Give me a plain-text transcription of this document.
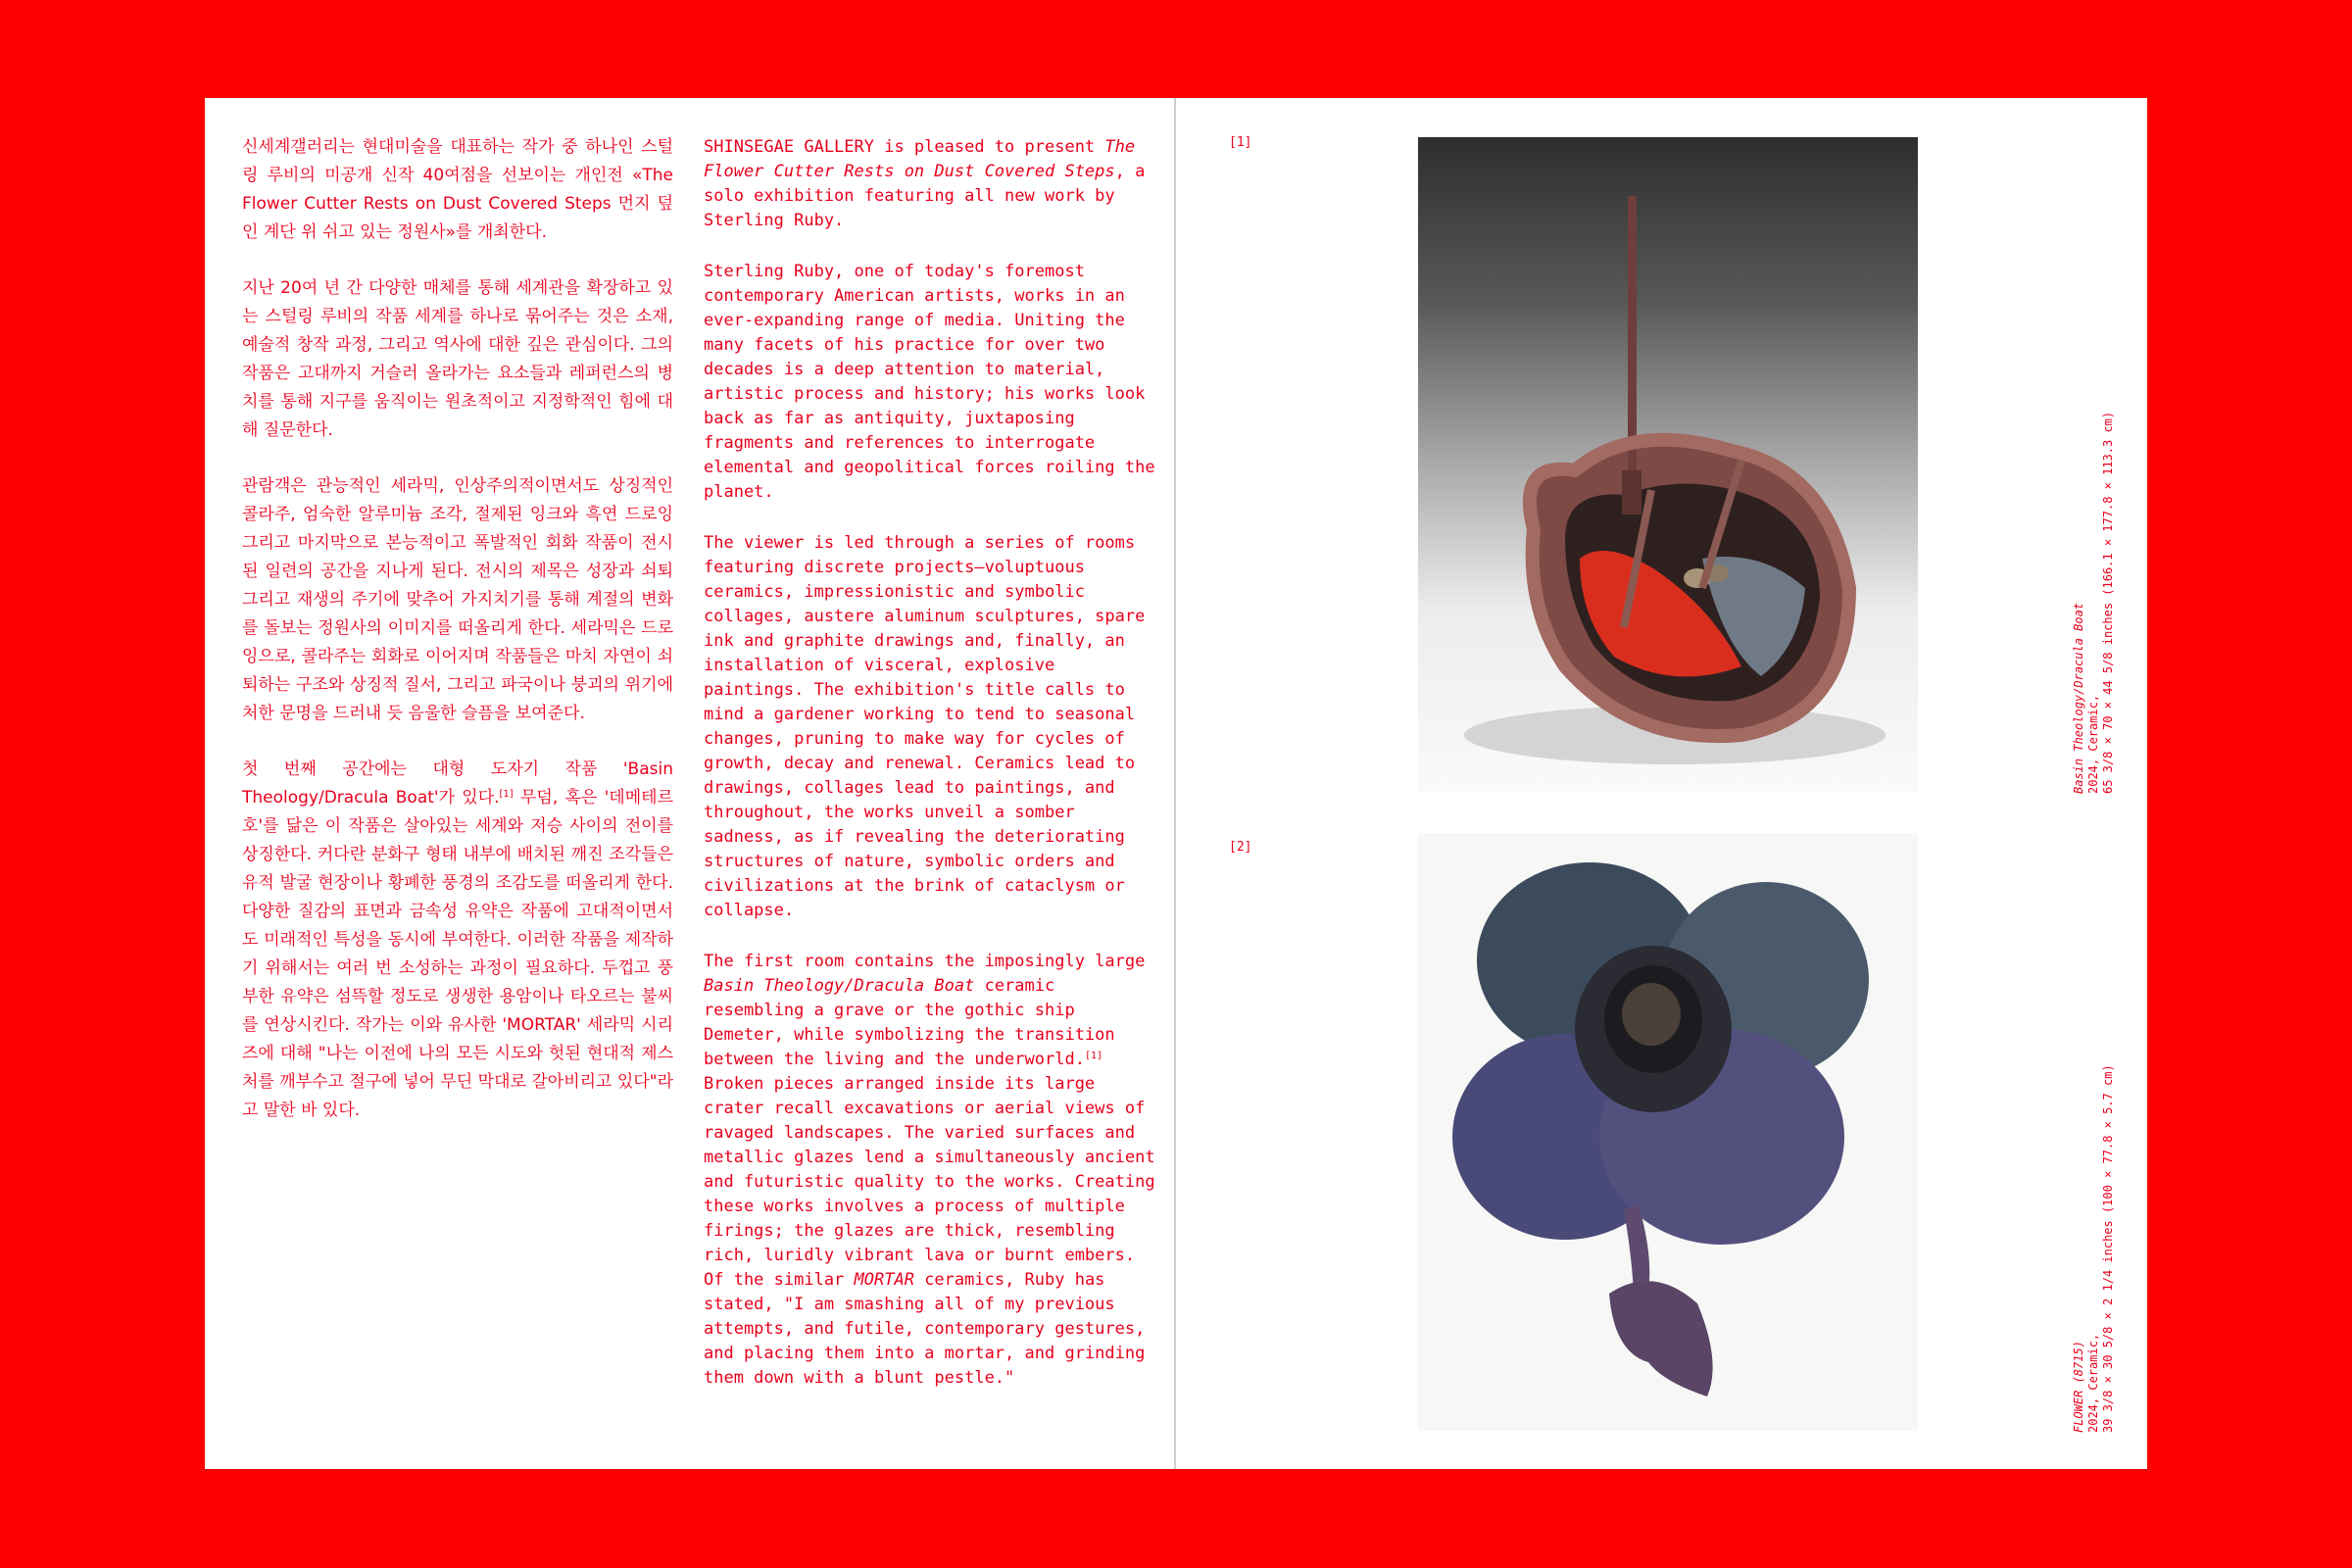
신세계갤러리는 현대미술을 대표하는 작가 중 하나인 스털링 루비의 미공개 신작 40여점을 선보이는 개인전 «The Flower Cutter Rests on Dust Covered Steps 먼지 덮인 계단 위 쉬고 있는 정원사»를 개최한다.

지난 20여 년 간 다양한 매체를 통해 세계관을 확장하고 있는 스털링 루비의 작품 세계를 하나로 묶어주는 것은 소재, 예술적 창작 과정, 그리고 역사에 대한 깊은 관심이다. 그의 작품은 고대까지 거슬러 올라가는 요소들과 레퍼런스의 병치를 통해 지구를 움직이는 원초적이고 지정학적인 힘에 대해 질문한다.

관람객은 관능적인 세라믹, 인상주의적이면서도 상징적인 콜라주, 엄숙한 알루미늄 조각, 절제된 잉크와 흑연 드로잉 그리고 마지막으로 본능적이고 폭발적인 회화 작품이 전시된 일련의 공간을 지나게 된다. 전시의 제목은 성장과 쇠퇴 그리고 재생의 주기에 맞추어 가지치기를 통해 계절의 변화를 돌보는 정원사의 이미지를 떠올리게 한다. 세라믹은 드로잉으로, 콜라주는 회화로 이어지며 작품들은 마치 자연이 쇠퇴하는 구조와 상징적 질서, 그리고 파국이나 붕괴의 위기에 처한 문명을 드러내 듯 음울한 슬픔을 보여준다.

첫 번째 공간에는 대형 도자기 작품 'Basin Theology/Dracula Boat'가 있다.[1] 무덤, 혹은 '데메테르 호'를 닮은 이 작품은 살아있는 세계와 저승 사이의 전이를 상징한다. 커다란 분화구 형태 내부에 배치된 깨진 조각들은 유적 발굴 현장이나 황폐한 풍경의 조감도를 떠올리게 한다. 다양한 질감의 표면과 금속성 유약은 작품에 고대적이면서도 미래적인 특성을 동시에 부여한다. 이러한 작품을 제작하기 위해서는 여러 번 소성하는 과정이 필요하다. 두껍고 풍부한 유약은 섬뜩할 정도로 생생한 용암이나 타오르는 불씨를 연상시킨다. 작가는 이와 유사한 'MORTAR' 세라믹 시리즈에 대해 "나는 이전에 나의 모든 시도와 헛된 현대적 제스처를 깨부수고 절구에 넣어 무딘 막대로 갈아비리고 있다"라고 말한 바 있다.

SHINSEGAE GALLERY is pleased to present The Flower Cutter Rests on Dust Covered Steps, a solo exhibition featuring all new work by Sterling Ruby.

Sterling Ruby, one of today's foremost contemporary American artists, works in an ever-expanding range of media. Uniting the many facets of his practice for over two decades is a deep attention to material, artistic process and history; his works look back as far as antiquity, juxtaposing fragments and references to interrogate elemental and geopolitical forces roiling the planet.

The viewer is led through a series of rooms featuring discrete projects—voluptuous ceramics, impressionistic and symbolic collages, austere aluminum sculptures, spare ink and graphite drawings and, finally, an installation of visceral, explosive paintings. The exhibition's title calls to mind a gardener working to tend to seasonal changes, pruning to make way for cycles of growth, decay and renewal. Ceramics lead to drawings, collages lead to paintings, and throughout, the works unveil a somber sadness, as if revealing the deteriorating structures of nature, symbolic orders and civilizations at the brink of cataclysm or collapse.

The first room contains the imposingly large Basin Theology/Dracula Boat ceramic resembling a grave or the gothic ship Demeter, while symbolizing the transition between the living and the underworld.[1] Broken pieces arranged inside its large crater recall excavations or aerial views of ravaged landscapes. The varied surfaces and metallic glazes lend a simultaneously ancient and futuristic quality to the works. Creating these works involves a process of multiple firings; the glazes are thick, resembling rich, luridly vibrant lava or burnt embers. Of the similar MORTAR ceramics, Ruby has stated, "I am smashing all of my previous attempts, and futile, contemporary gestures, and placing them into a mortar, and grinding them down with a blunt pestle."

[1]
[2]
Basin Theology/Dracula Boat 2024, Ceramic, 65 3/8 × 70 × 44 5/8 inches (166.1 × 177.8 × 113.3 cm)
FLOWER (8715) 2024, Ceramic, 39 3/8 × 30 5/8 × 2 1/4 inches (100 × 77.8 × 5.7 cm)
